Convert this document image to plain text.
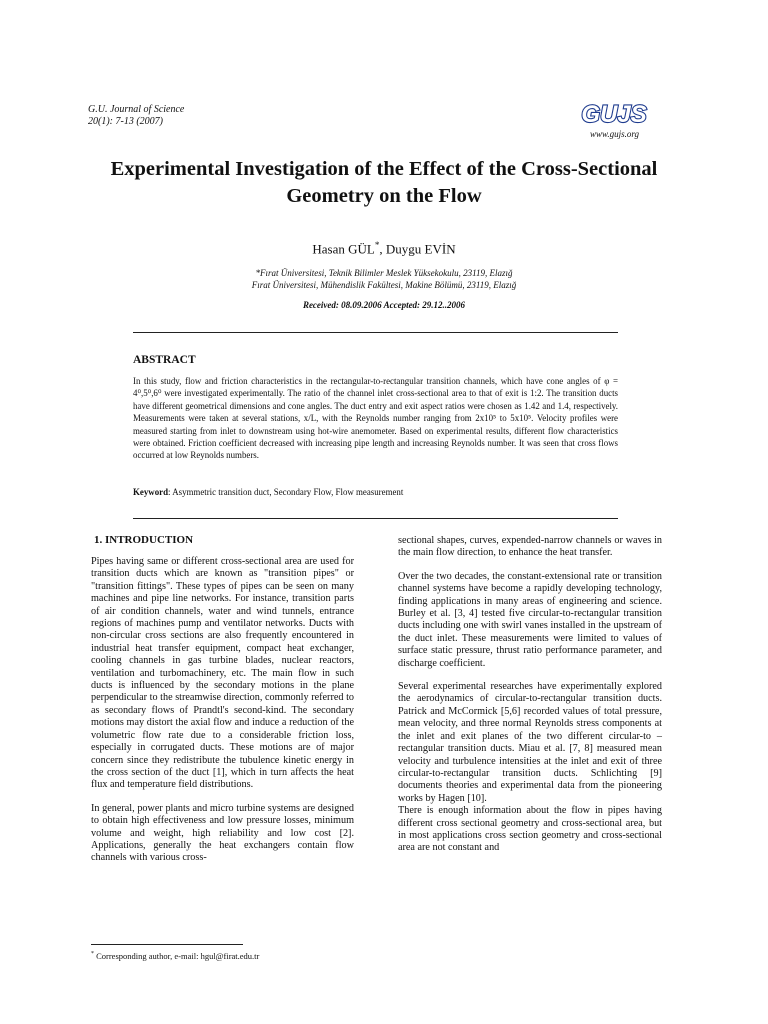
G.U. Journal of Science
20(1): 7-13 (2007)	GUJS
www.gujs.org
Experimental Investigation of the Effect of the Cross-Sectional Geometry on the Flow
Hasan GÜL*, Duygu EVİN
*Fırat Üniversitesi, Teknik Bilimler Meslek Yüksekokulu, 23119, Elazığ
Fırat Üniversitesi, Mühendislik Fakültesi, Makine Bölümü, 23119, Elazığ
Received: 08.09.2006 Accepted: 29.12..2006
ABSTRACT
In this study, flow and friction characteristics in the rectangular-to-rectangular transition channels, which have cone angles of φ = 4⁰,5⁰,6⁰ were investigated experimentally. The ratio of the channel inlet cross-sectional area to that of exit is 1:2. The transition ducts have different geometrical dimensions and cone angles. The duct entry and exit aspect ratios were chosen as 1.42 and 1.4, respectively. Measurements were taken at several stations, x/L, with the Reynolds number ranging from 2x10⁵ to 5x10⁵. Velocity profiles were measured starting from inlet to downstream using hot-wire anemometer. Based on experimental results, different flow characteristics were obtained. Friction coefficient decreased with increasing pipe length and increasing Reynolds number. It was seen that cross flows occurred at low Reynolds numbers.
Keyword: Asymmetric transition duct, Secondary Flow, Flow measurement
1. INTRODUCTION

Pipes having same or different cross-sectional area are used for transition ducts which are known as "transition pipes" or "transition fittings". These types of pipes can be seen on many machines and pipe line networks. For instance, transition parts of air condition channels, water and wind tunnels, entrance regions of machines pump and ventilator networks. Ducts with non-circular cross sections are also frequently encountered in industrial heat transfer equipment, compact heat exchanger, cooling channels in gas turbine blades, nuclear reactors, ventilation and turbomachinery, etc. The main flow in such ducts is influenced by the secondary motions in the plane perpendicular to the streamwise direction, commonly referred to as secondary flows of Prandtl's second-kind. The secondary motions may distort the axial flow and induce a reduction of the volumetric flow rate due to a considerable friction loss, especially in corrugated ducts. These motions are of major concern since they redistribute the tubulence kinetic energy in the cross section of the duct [1], which in turn affects the heat flux and temperature field distributions.

In general, power plants and micro turbine systems are designed to obtain high effectiveness and low pressure losses, minimum volume and weight, high reliability and low cost [2]. Applications, generally the heat exchangers contain flow channels with various cross-

sectional shapes, curves, expended-narrow channels or waves in the main flow direction, to enhance the heat transfer.

Over the two decades, the constant-extensional rate or transition channel systems have become a rapidly developing technology, finding applications in many areas of engineering and science. Burley et al. [3, 4] tested five circular-to-rectangular transition ducts including one with swirl vanes installed in the upstream of the duct inlet. These measurements were limited to values of surface static pressure, thrust ratio performance parameter, and discharge coefficient.

Several experimental researches have experimentally explored the aerodynamics of circular-to-rectangular transition ducts. Patrick and McCormick [5,6] recorded values of total pressure, mean velocity, and three normal Reynolds stress components at the inlet and exit planes of the two different circular-to –rectangular transition ducts. Miau et al. [7, 8] measured mean velocity and turbulence intensities at the inlet and exit of three circular-to-rectangular transition ducts. Schlichting [9] documents theories and experimental data from the pioneering works by Hagen [10].

There is enough information about the flow in pipes having different cross sectional geometry and cross-sectional area, but in most applications cross section geometry and cross-sectional area are not constant and

* Corresponding author, e-mail: hgul@firat.edu.tr
